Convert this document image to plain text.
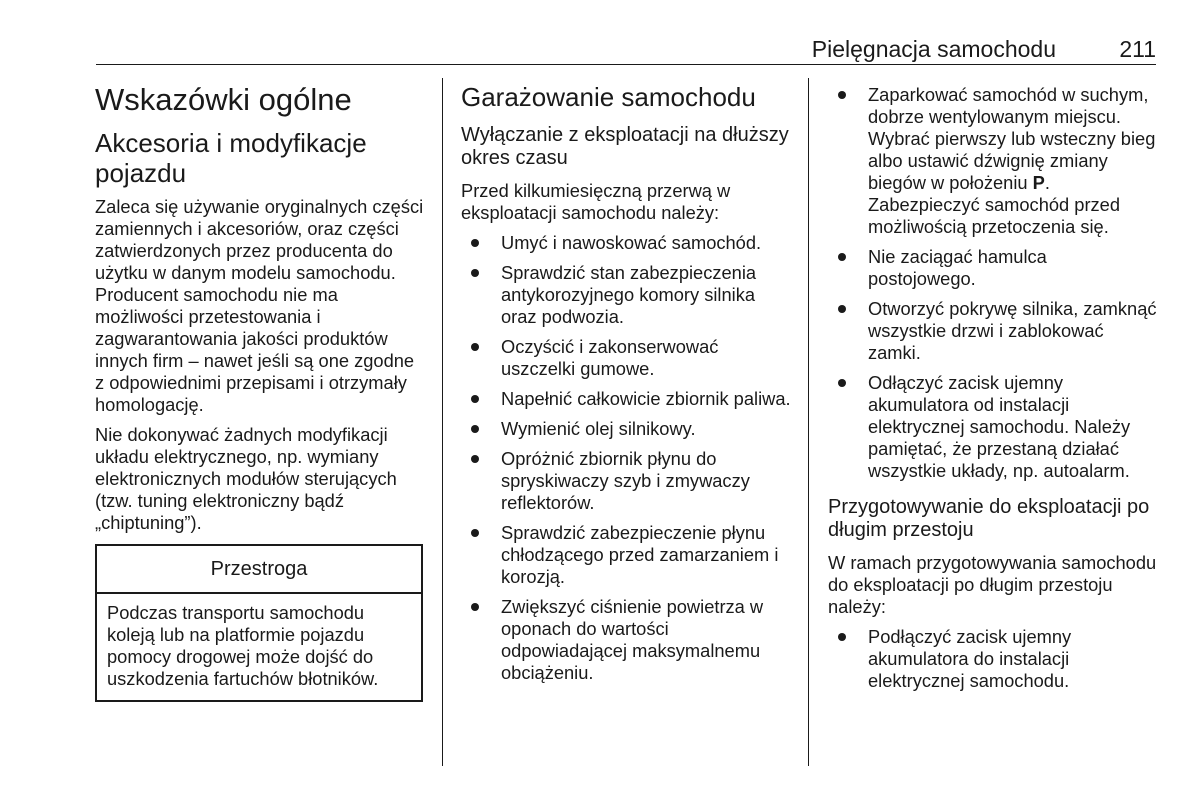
Pielęgnacja samochodu	211
Wskazówki ogólne
Akcesoria i modyfikacje pojazdu

Zaleca się używanie oryginalnych części zamiennych i akcesoriów, oraz części zatwierdzonych przez producenta do użytku w danym modelu samochodu. Producent samochodu nie ma możliwości przetestowania i zagwarantowania jakości produktów innych firm – nawet jeśli są one zgodne z odpowiednimi przepisami i otrzymały homologację.

Nie dokonywać żadnych modyfikacji układu elektrycznego, np. wymiany elektronicznych modułów sterujących (tzw. tuning elektroniczny bądź „chiptuning”).

Przestroga
Podczas transportu samochodu koleją lub na platformie pojazdu pomocy drogowej może dojść do uszkodzenia fartuchów błotników.
Garażowanie samochodu
Wyłączanie z eksploatacji na dłuższy okres czasu

Przed kilkumiesięczną przerwą w eksploatacji samochodu należy:

Umyć i nawoskować samochód.
Sprawdzić stan zabezpieczenia antykorozyjnego komory silnika oraz podwozia.
Oczyścić i zakonserwować uszczelki gumowe.
Napełnić całkowicie zbiornik paliwa.
Wymienić olej silnikowy.
Opróżnić zbiornik płynu do spryskiwaczy szyb i zmywaczy reflektorów.
Sprawdzić zabezpieczenie płynu chłodzącego przed zamarzaniem i korozją.
Zwiększyć ciśnienie powietrza w oponach do wartości odpowiadającej maksymalnemu obciążeniu.
Zaparkować samochód w suchym, dobrze wentylowanym miejscu. Wybrać pierwszy lub wsteczny bieg albo ustawić dźwignię zmiany biegów w położeniu P. Zabezpieczyć samochód przed możliwością przetoczenia się.
Nie zaciągać hamulca postojowego.
Otworzyć pokrywę silnika, zamknąć wszystkie drzwi i zablokować zamki.
Odłączyć zacisk ujemny akumulatora od instalacji elektrycznej samochodu. Należy pamiętać, że przestaną działać wszystkie układy, np. autoalarm.
Przygotowywanie do eksploatacji po długim przestoju

W ramach przygotowywania samochodu do eksploatacji po długim przestoju należy:

Podłączyć zacisk ujemny akumulatora do instalacji elektrycznej samochodu.
